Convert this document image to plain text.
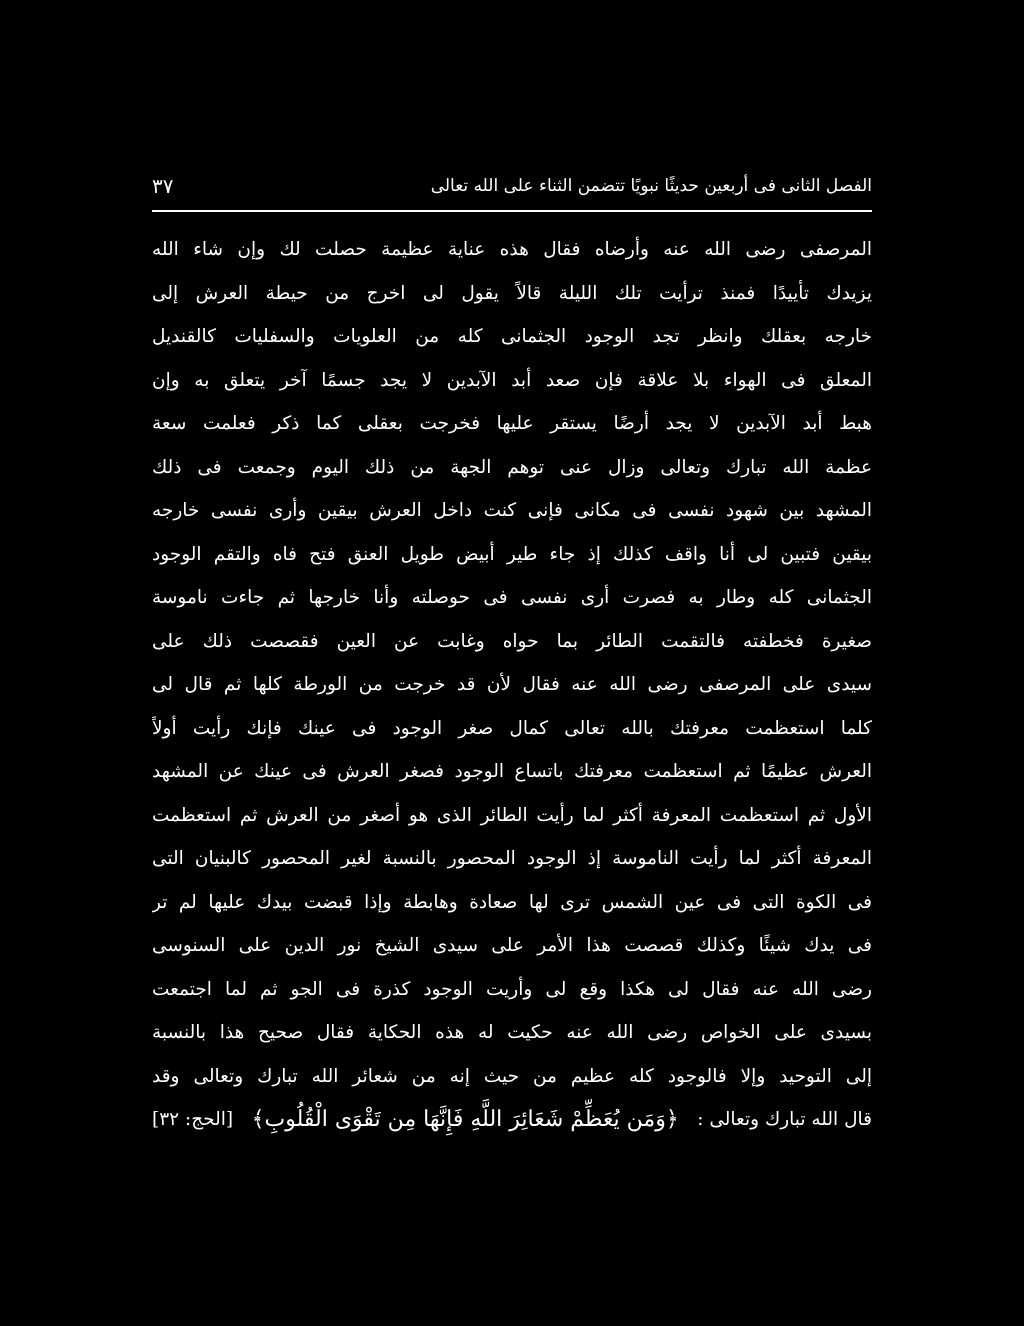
الفصل الثانى فى أربعين حديثًا نبويًا تتضمن الثناء على الله تعالى
٣٧
المرصفى رضى الله عنه وأرضاه فقال هذه عناية عظيمة حصلت لك وإن شاء الله
يزيدك تأييدًا فمنذ ترأيت تلك الليلة قالاً يقول لى اخرج من حيطة العرش إلى
خارجه بعقلك وانظر تجد الوجود الجثمانى كله من العلويات والسفليات كالقنديل
المعلق فى الهواء بلا علاقة فإن صعد أبد الآبدين لا يجد جسمًا آخر يتعلق به وإن
هبط أبد الآبدين لا يجد أرضًا يستقر عليها فخرجت بعقلى كما ذكر فعلمت سعة
عظمة الله تبارك وتعالى وزال عنى توهم الجهة من ذلك اليوم وجمعت فى ذلك
المشهد بين شهود نفسى فى مكانى فإنى كنت داخل العرش بيقين وأرى نفسى خارجه
بيقين فتبين لى أنا واقف كذلك إذ جاء طير أبيض طويل العنق فتح فاه والتقم الوجود
الجثمانى كله وطار به فصرت أرى نفسى فى حوصلته وأنا خارجها ثم جاءت ناموسة
صغيرة فخطفته فالتقمت الطائر بما حواه وغابت عن العين فقصصت ذلك على
سيدى على المرصفى رضى الله عنه فقال لأن قد خرجت من الورطة كلها ثم قال لى
كلما استعظمت معرفتك بالله تعالى كمال صغر الوجود فى عينك فإنك رأيت أولاً
العرش عظيمًا ثم استعظمت معرفتك باتساع الوجود فصغر العرش فى عينك عن المشهد
الأول ثم استعظمت المعرفة أكثر لما رأيت الطائر الذى هو أصغر من العرش ثم استعظمت
المعرفة أكثر لما رأيت الناموسة إذ الوجود المحصور بالنسبة لغير المحصور كالبنيان التى
فى الكوة التى فى عين الشمس ترى لها صعادة وهابطة وإذا قبضت بيدك عليها لم تر
فى يدك شيئًا وكذلك قصصت هذا الأمر على سيدى الشيخ نور الدين على السنوسى
رضى الله عنه فقال لى هكذا وقع لى وأريت الوجود كذرة فى الجو ثم لما اجتمعت
بسيدى على الخواص رضى الله عنه حكيت له هذه الحكاية فقال صحيح هذا بالنسبة
إلى التوحيد وإلا فالوجود كله عظيم من حيث إنه من شعائر الله تبارك وتعالى وقد
قال الله تبارك وتعالى :
﴿وَمَن يُعَظِّمْ شَعَائِرَ اللَّهِ فَإِنَّهَا مِن تَقْوَى الْقُلُوبِ﴾
[الحج: ٣٢]
